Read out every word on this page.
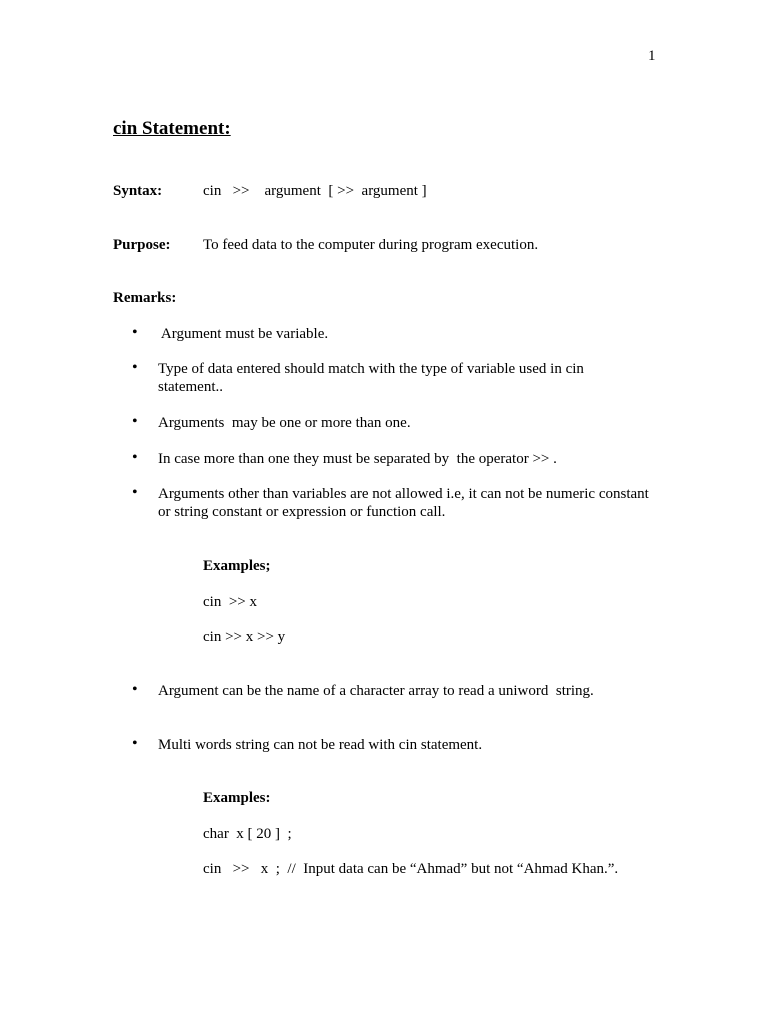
1
cin Statement:
Syntax:	cin   >>    argument  [ >>  argument ]
Purpose: To feed data to the computer during program execution.
Remarks:
• Argument must be variable.
• Type of data entered should match with the type of variable used in cin statement..
• Arguments  may be one or more than one.
• In case more than one they must be separated by  the operator >> .
• Arguments other than variables are not allowed i.e, it can not be numeric constant or string constant or expression or function call.
Examples;
cin  >> x
cin >> x >> y
• Argument can be the name of a character array to read a uniword  string.
• Multi words string can not be read with cin statement.
Examples:
char  x [ 20 ]  ;
cin   >>   x  ;  //  Input data can be “Ahmad” but not “Ahmad Khan.”.
